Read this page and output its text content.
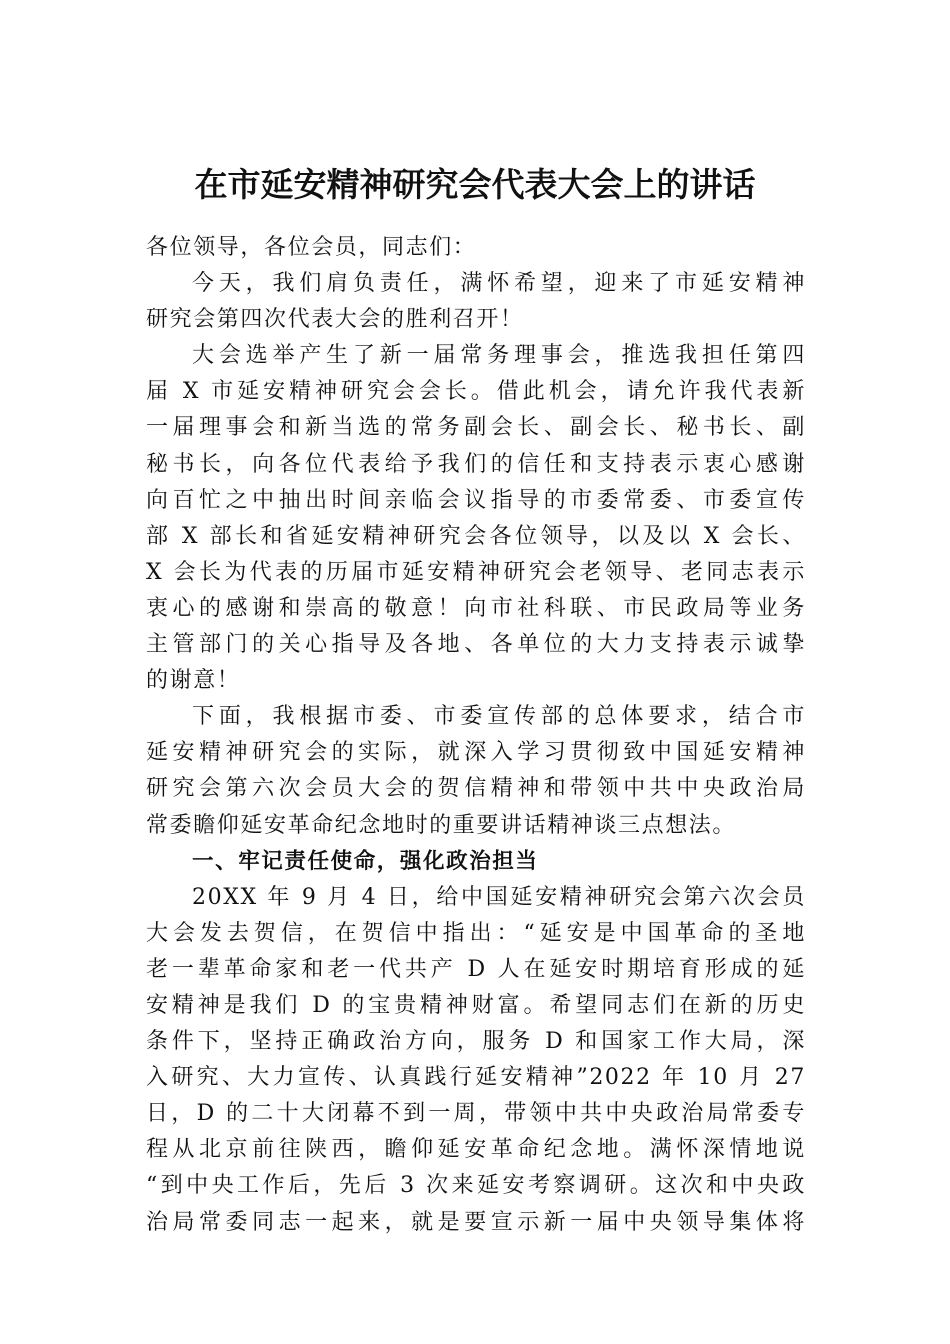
在市延安精神研究会代表大会上的讲话
各位领导，各位会员，同志们：
今天，我们肩负责任，满怀希望，迎来了市延安精神
研究会第四次代表大会的胜利召开！
大会选举产生了新一届常务理事会，推选我担任第四
届 X 市延安精神研究会会长。借此机会，请允许我代表新
一届理事会和新当选的常务副会长、副会长、秘书长、副
秘书长，向各位代表给予我们的信任和支持表示衷心感谢
向百忙之中抽出时间亲临会议指导的市委常委、市委宣传
部 X 部长和省延安精神研究会各位领导，以及以 X 会长、
X 会长为代表的历届市延安精神研究会老领导、老同志表示
衷心的感谢和崇高的敬意！向市社科联、市民政局等业务
主管部门的关心指导及各地、各单位的大力支持表示诚挚
的谢意！
下面，我根据市委、市委宣传部的总体要求，结合市
延安精神研究会的实际，就深入学习贯彻致中国延安精神
研究会第六次会员大会的贺信精神和带领中共中央政治局
常委瞻仰延安革命纪念地时的重要讲话精神谈三点想法。
一、牢记责任使命，强化政治担当
20XX 年 9 月 4 日，给中国延安精神研究会第六次会员
大会发去贺信，在贺信中指出：“延安是中国革命的圣地
老一辈革命家和老一代共产 D 人在延安时期培育形成的延
安精神是我们 D 的宝贵精神财富。希望同志们在新的历史
条件下，坚持正确政治方向，服务 D 和国家工作大局，深
入研究、大力宣传、认真践行延安精神”2022 年 10 月 27
日，D 的二十大闭幕不到一周，带领中共中央政治局常委专
程从北京前往陕西，瞻仰延安革命纪念地。满怀深情地说
“到中央工作后，先后 3 次来延安考察调研。这次和中央政
治局常委同志一起来，就是要宣示新一届中央领导集体将
